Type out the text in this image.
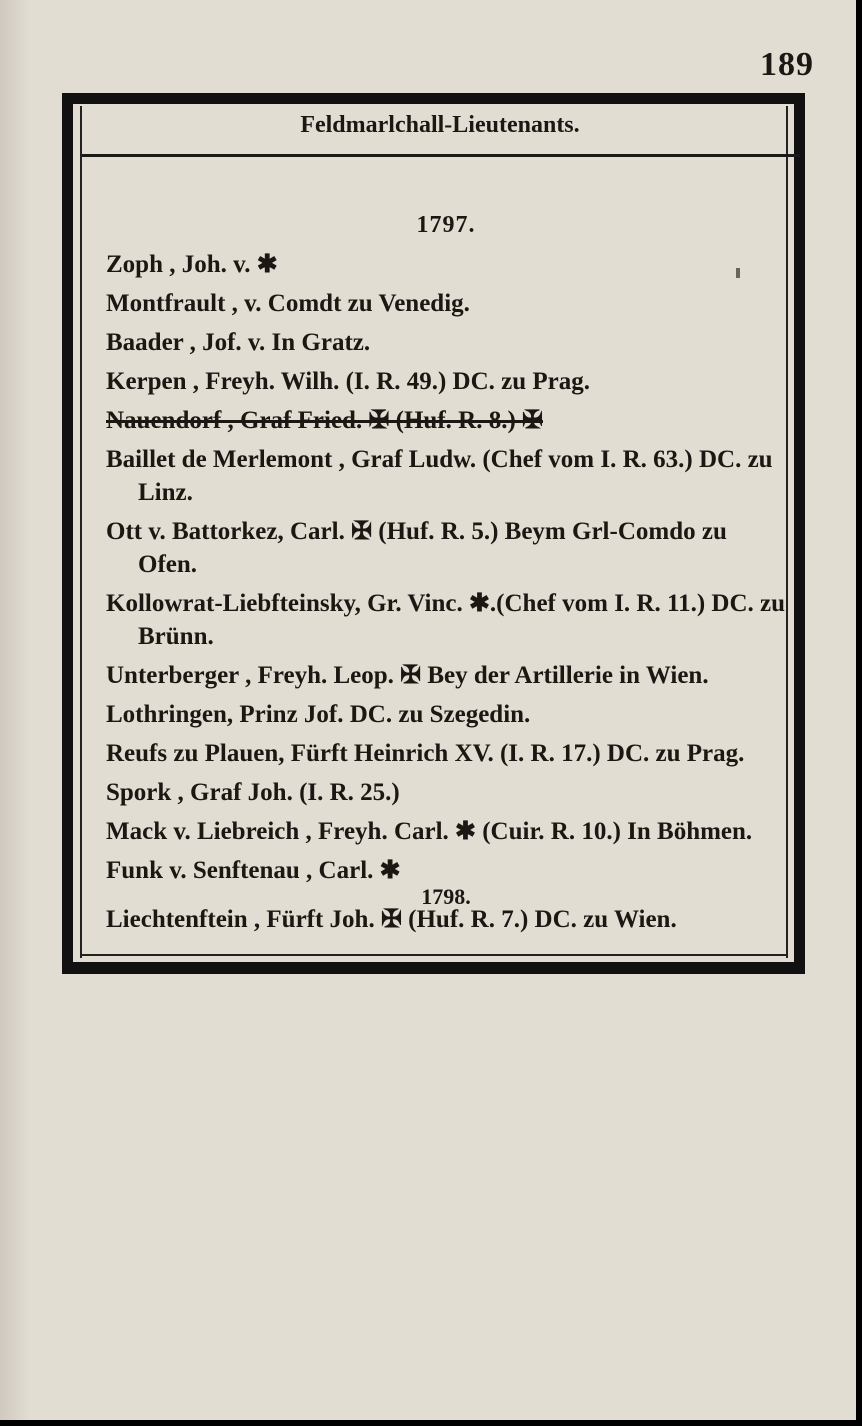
189
Feldmarlchall-Lieutenants.
1797.
Zoph , Joh. v. ✱
Montfrault , v. Comdt zu Venedig.
Baader , Jof. v. In Gratz.
Kerpen , Freyh. Wilh. (I. R. 49.) DC. zu Prag.
Nauendorf , Graf Fried. ✠ (Huf. R. 8.) ✠
Baillet de Merlemont , Graf Ludw. (Chef vom I. R. 63.) DC. zu Linz.
Ott v. Battorkez, Carl. ✠ (Huf. R. 5.) Beym Grl-Comdo zu Ofen.
Kollowrat-Liebfteinsky, Gr. Vinc. ✱.(Chef vom I. R. 11.) DC. zu Brünn.
Unterberger , Freyh. Leop. ✠ Bey der Artillerie in Wien.
Lothringen, Prinz Jof. DC. zu Szegedin.
Reufs zu Plauen, Fürft Heinrich XV. (I. R. 17.) DC. zu Prag.
Spork , Graf Joh. (I. R. 25.)
Mack v. Liebreich , Freyh. Carl. ✱ (Cuir. R. 10.) In Böhmen.
Funk v. Senftenau , Carl. ✱
1798.
Liechtenftein , Fürft Joh. ✠ (Huf. R. 7.) DC. zu Wien.
